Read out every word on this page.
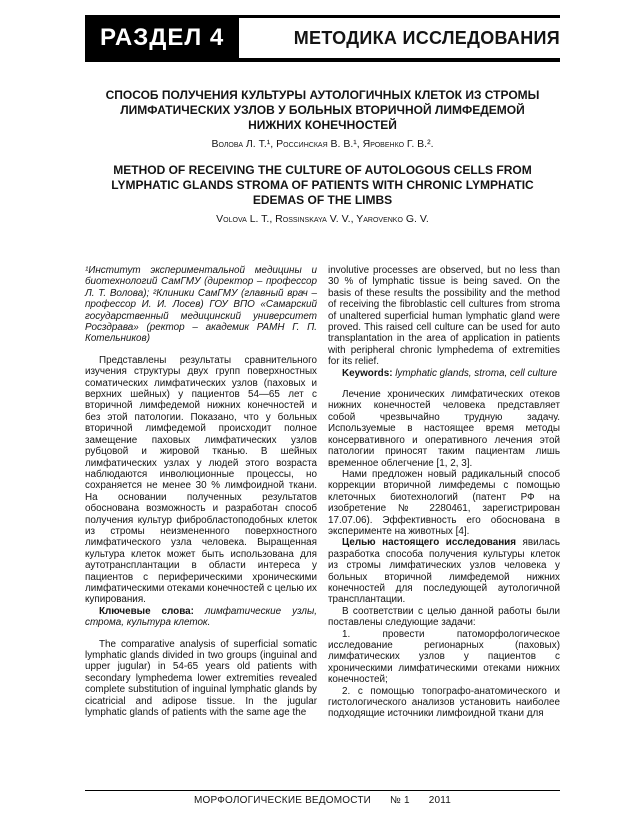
РАЗДЕЛ 4	МЕТОДИКА ИССЛЕДОВАНИЯ
СПОСОБ ПОЛУЧЕНИЯ КУЛЬТУРЫ АУТОЛОГИЧНЫХ КЛЕТОК ИЗ СТРОМЫ ЛИМФАТИЧЕСКИХ УЗЛОВ У БОЛЬНЫХ ВТОРИЧНОЙ ЛИМФЕДЕМОЙ НИЖНИХ КОНЕЧНОСТЕЙ
Волова Л. Т.¹, Россинская В. В.¹, Яровенко Г. В.².
METHOD OF RECEIVING THE CULTURE OF AUTOLOGOUS CELLS FROM LYMPHATIC GLANDS STROMA OF PATIENTS WITH CHRONIC LYMPHATIC EDEMAS OF THE LIMBS
Volova L. T., Rossinskaya V. V., Yarovenko G. V.

¹Институт экспериментальной медицины и биотехнологий СамГМУ (директор – профессор Л. Т. Волова); ²Клиники СамГМУ (главный врач – профессор И. И. Лосев) ГОУ ВПО «Самарский государственный медицинский университет Росздрава» (ректор – академик РАМН Г. П. Котельников)

Представлены результаты сравнительного изучения структуры двух групп поверхностных соматических лимфатических узлов (паховых и верхних шейных) у пациентов 54—65 лет с вторичной лимфедемой нижних конечностей и без этой патологии. Показано, что у больных вторичной лимфедемой происходит полное замещение паховых лимфатических узлов рубцовой и жировой тканью. В шейных лимфатических узлах у людей этого возраста наблюдаются инволюционные процессы, но сохраняется не менее 30 % лимфоидной ткани. На основании полученных результатов обоснована возможность и разработан способ получения культур фибробластоподобных клеток из стромы неизмененного поверхностного лимфатического узла человека. Выращенная культура клеток может быть использована для аутотрансплантации в области интереса у пациентов с периферическими хроническими лимфатическими отеками конечностей с целью их купирования.

Ключевые слова: лимфатические узлы, строма, культура клеток.

The comparative analysis of superficial somatic lymphatic glands divided in two groups (inguinal and upper jugular) in 54-65 years old patients with secondary lymphedema lower extremities revealed complete substitution of inguinal lymphatic glands by cicatricial and adipose tissue. In the jugular lymphatic glands of patients with the same age the

involutive processes are observed, but no less than 30 % of lymphatic tissue is being saved. On the basis of these results the possibility and the method of receiving the fibroblastic cell cultures from stroma of unaltered superficial human lymphatic gland were proved. This raised cell culture can be used for auto transplantation in the area of application in patients with peripheral chronic lymphedema of extremities for its relief.

Keywords: lymphatic glands, stroma, cell culture

Лечение хронических лимфатических отеков нижних конечностей человека представляет собой чрезвычайно трудную задачу. Используемые в настоящее время методы консервативного и оперативного лечения этой патологии приносят таким пациентам лишь временное облегчение [1, 2, 3].

Нами предложен новый радикальный способ коррекции вторичной лимфедемы с помощью клеточных биотехнологий (патент РФ на изобретение № 2280461, зарегистрирован 17.07.06). Эффективность его обоснована в эксперименте на животных [4].

Целью настоящего исследования явилась разработка способа получения культуры клеток из стромы лимфатических узлов человека у больных вторичной лимфедемой нижних конечностей для последующей аутологичной трансплантации.

В соответствии с целью данной работы были поставлены следующие задачи:

1. провести патоморфологическое исследование регионарных (паховых) лимфатических узлов у пациентов с хроническими лимфатическими отеками нижних конечностей;

2. с помощью топографо-анатомического и гистологического анализов установить наиболее подходящие источники лимфоидной ткани для

МОРФОЛОГИЧЕСКИЕ ВЕДОМОСТИ № 1 2011
